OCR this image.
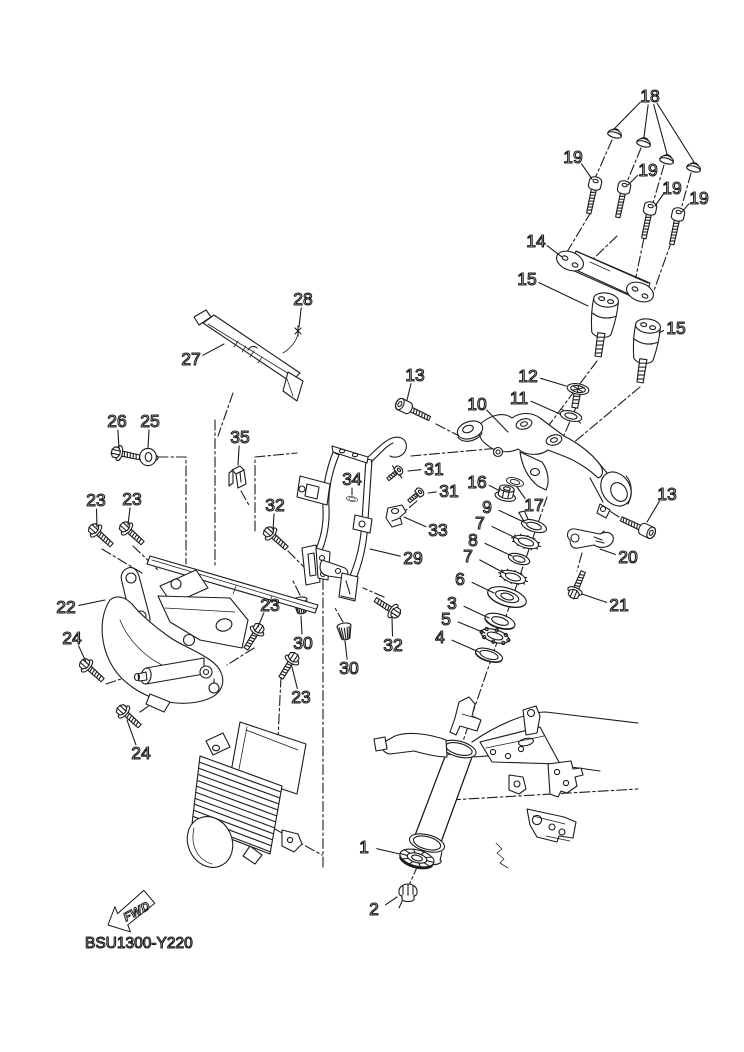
FWD
BSU1300-Y220
18
19
19
19 19
14
15
15
12
11
13
10
31
31 16
17
9
7
8
7
6
3
5
4
13
20
21
33
34
29
32
32
30
30
23 23
23
23
22
24
24
26 25
35
27
28
1
2
